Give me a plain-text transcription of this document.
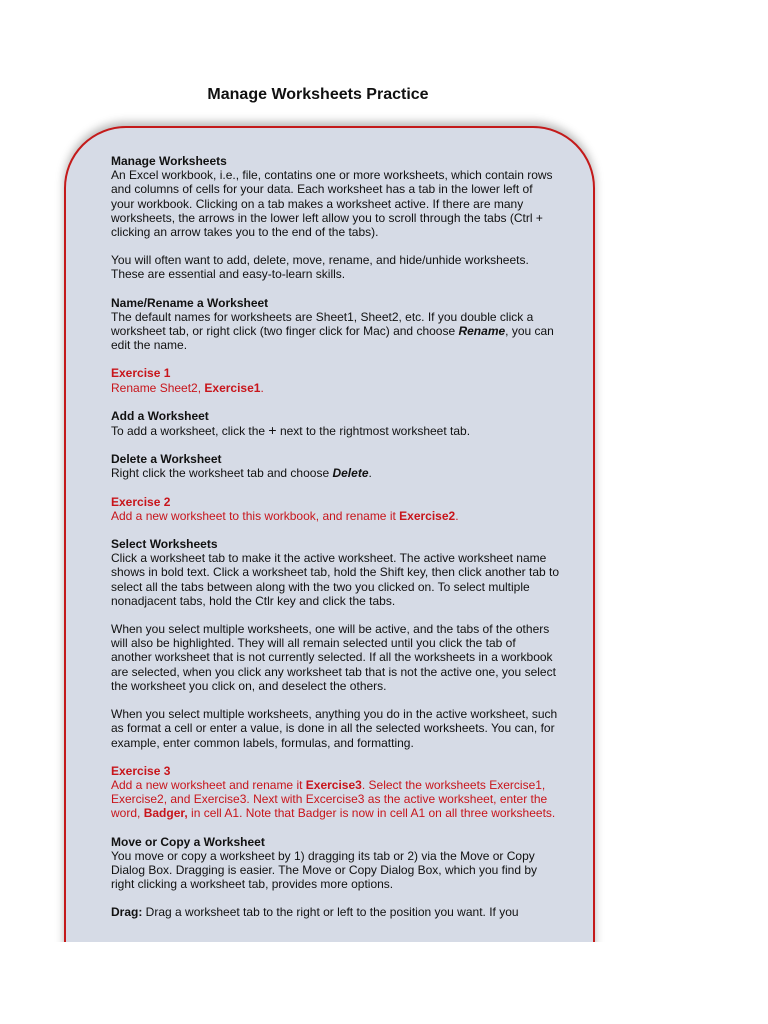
Manage Worksheets Practice
Manage Worksheets

An Excel workbook, i.e., file, contatins one or more worksheets, which contain rows and columns of cells for your data. Each worksheet has a tab in the lower left of your workbook. Clicking on a tab makes a worksheet active. If there are many worksheets, the arrows in the lower left allow you to scroll through the tabs (Ctrl + clicking an arrow takes you to the end of the tabs).

You will often want to add, delete, move, rename, and hide/unhide worksheets. These are essential and easy-to-learn skills.

Name/Rename a Worksheet

The default names for worksheets are Sheet1, Sheet2, etc. If you double click a worksheet tab, or right click (two finger click for Mac) and choose Rename, you can edit the name.

Exercise 1

Rename Sheet2, Exercise1.

Add a Worksheet

To add a worksheet, click the + next to the rightmost worksheet tab.

Delete a Worksheet

Right click the worksheet tab and choose Delete.

Exercise 2

Add a new worksheet to this workbook, and rename it Exercise2.

Select Worksheets

Click a worksheet tab to make it the active worksheet. The active worksheet name shows in bold text. Click a worksheet tab, hold the Shift key, then click another tab to select all the tabs between along with the two you clicked on. To select multiple nonadjacent tabs, hold the Ctlr key and click the tabs.

When you select multiple worksheets, one will be active, and the tabs of the others will also be highlighted. They will all remain selected until you click the tab of another worksheet that is not currently selected. If all the worksheets in a workbook are selected, when you click any worksheet tab that is not the active one, you select the worksheet you click on, and deselect the others.

When you select multiple worksheets, anything you do in the active worksheet, such as format a cell or enter a value, is done in all the selected worksheets. You can, for example, enter common labels, formulas, and formatting.

Exercise 3

Add a new worksheet and rename it Exercise3. Select the worksheets Exercise1, Exercise2, and Exercise3. Next with Excercise3 as the active worksheet, enter the word, Badger, in cell A1. Note that Badger is now in cell A1 on all three worksheets.

Move or Copy a Worksheet

You move or copy a worksheet by 1) dragging its tab or 2) via the Move or Copy Dialog Box. Dragging is easier. The Move or Copy Dialog Box, which you find by right clicking a worksheet tab, provides more options.

Drag: Drag a worksheet tab to the right or left to the position you want. If you
